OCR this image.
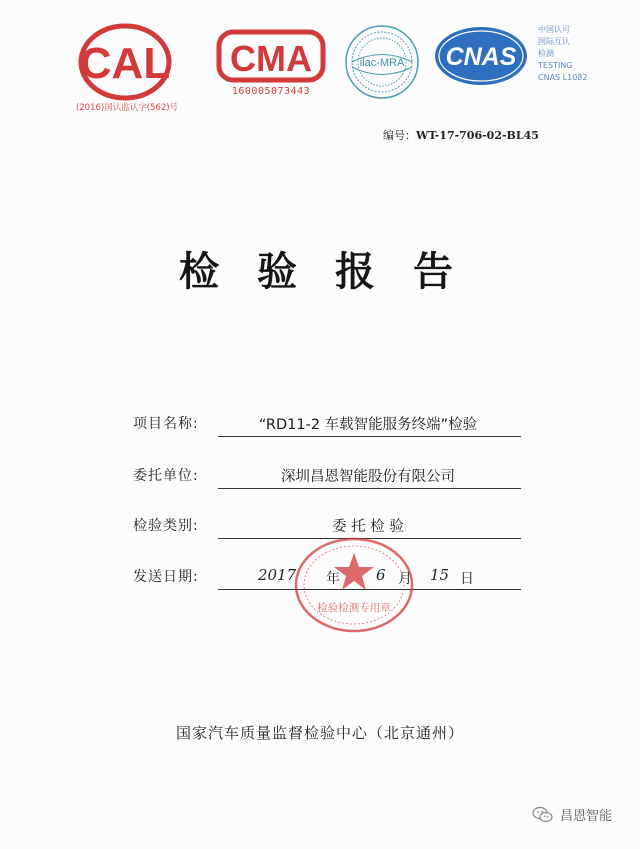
CAL
(2016)国认监认字(562)号
CMA
160005073443
ilac-MRA CNAS
中国认可
国际互认
检测
TESTING
CNAS L1082
编号：WT-17-706-02-BL45
检验报告
项目名称:	“RD11-2 车载智能服务终端”检验
委托单位:	深圳昌恩智能股份有限公司
检验类别:	委 托 检 验
发送日期:	2017 年 6 月 15 日
检验检测专用章
国家汽车质量监督检验中心（北京通州）
昌恩智能
